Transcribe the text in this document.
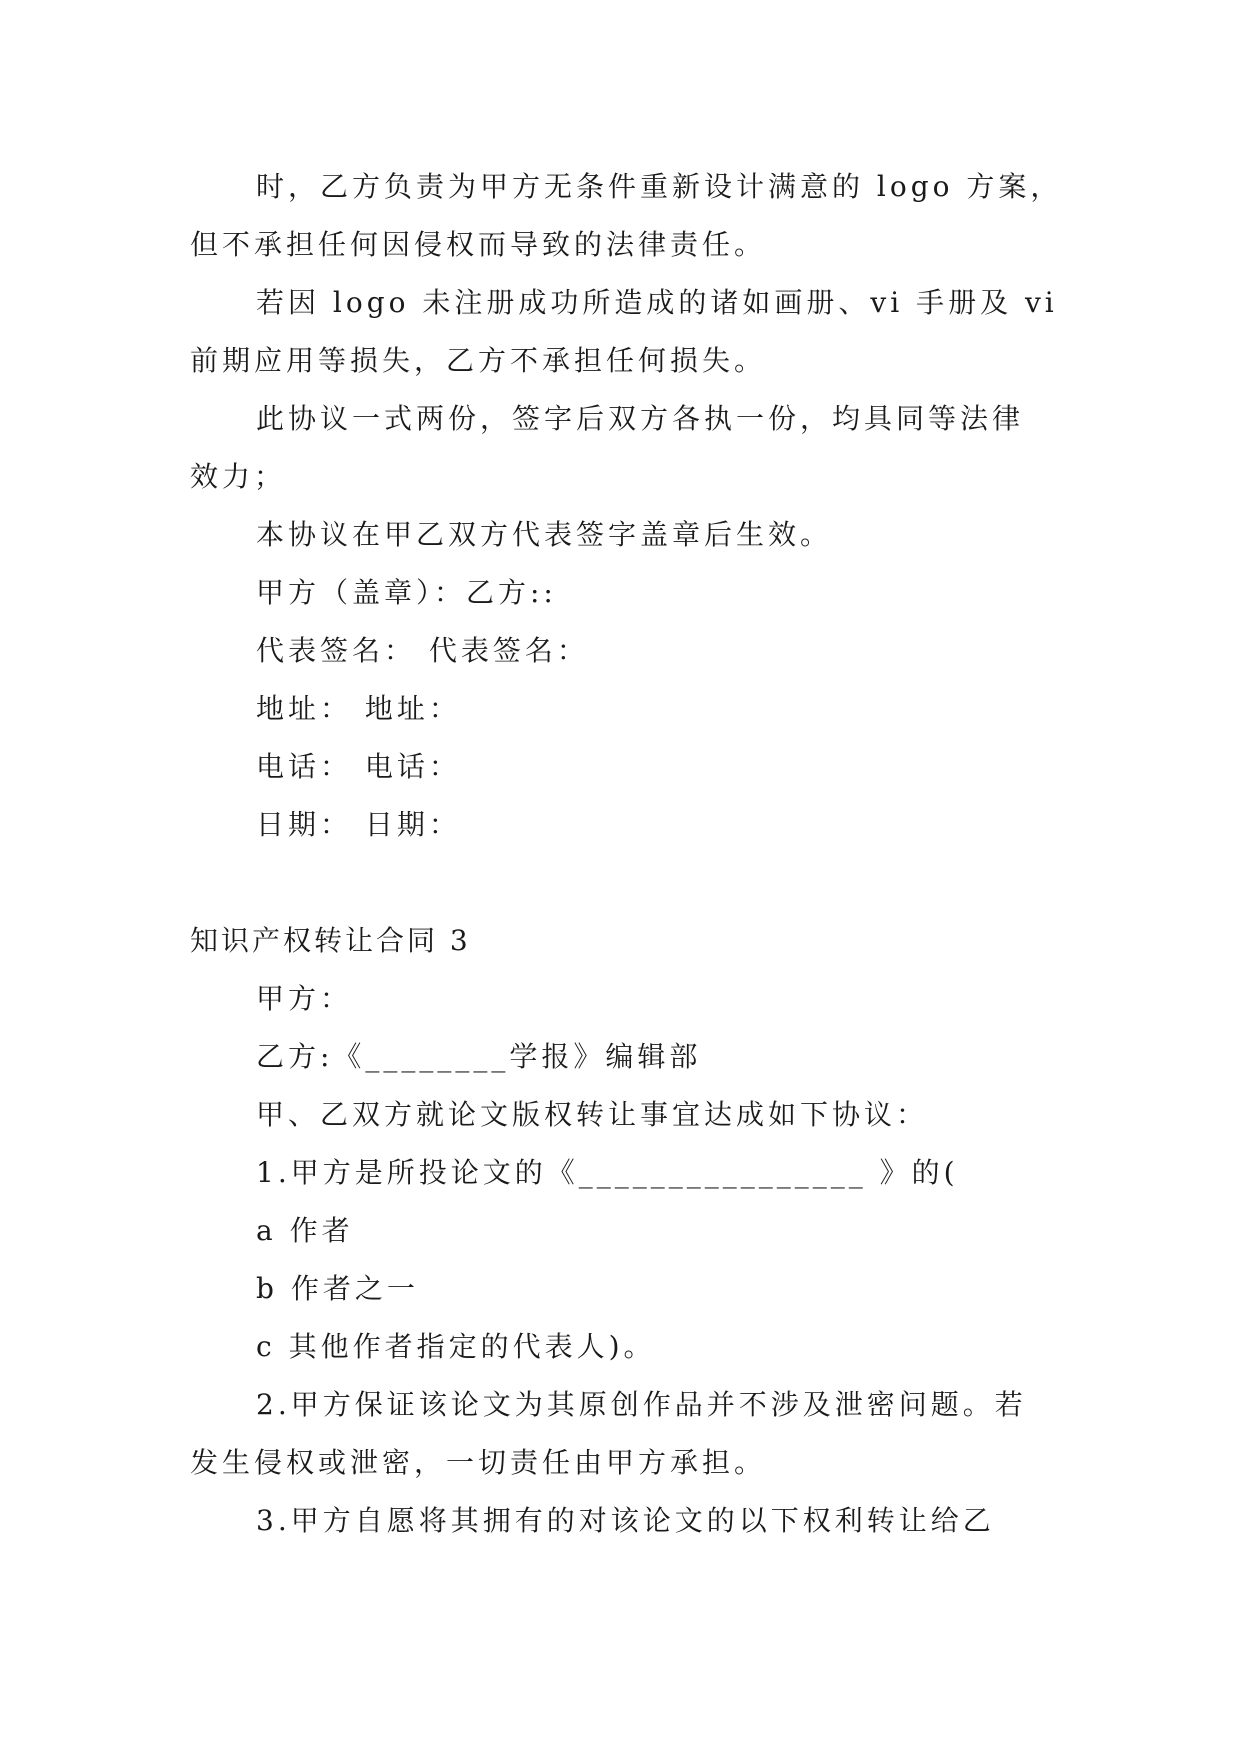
时，乙方负责为甲方无条件重新设计满意的 logo 方案，
但不承担任何因侵权而导致的法律责任。
若因 logo 未注册成功所造成的诸如画册、vi 手册及 vi
前期应用等损失，乙方不承担任何损失。
此协议一式两份，签字后双方各执一份，均具同等法律
效力；
本协议在甲乙双方代表签字盖章后生效。
甲方（盖章）：乙方::
代表签名： 代表签名：
地址： 地址：
电话： 电话：
日期： 日期：
知识产权转让合同 3
甲方：
乙方:《________学报》编辑部
甲、乙双方就论文版权转让事宜达成如下协议：
1.甲方是所投论文的《________________ 》的(
a 作者
b 作者之一
c 其他作者指定的代表人)。
2.甲方保证该论文为其原创作品并不涉及泄密问题。若
发生侵权或泄密，一切责任由甲方承担。
3.甲方自愿将其拥有的对该论文的以下权利转让给乙
